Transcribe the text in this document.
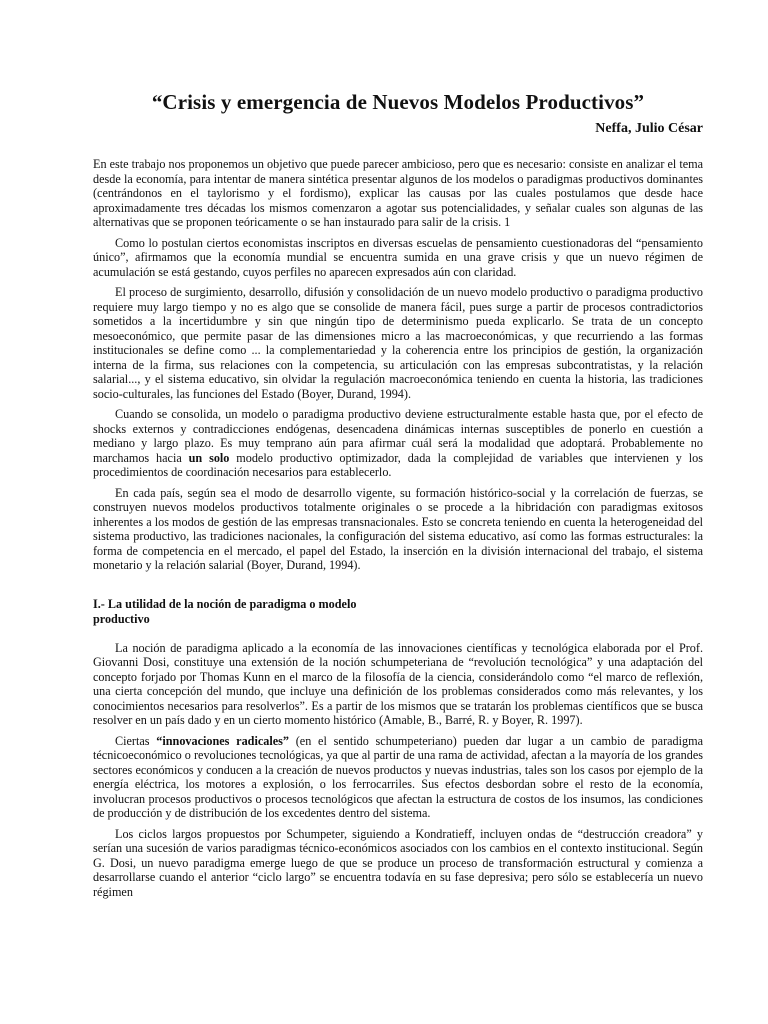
“Crisis y emergencia de Nuevos Modelos Productivos”
Neffa, Julio César

En este trabajo nos proponemos un objetivo que puede parecer ambicioso, pero que es necesario: consiste en analizar el tema desde la economía, para intentar de manera sintética presentar algunos de los modelos o paradigmas productivos dominantes (centrándonos en el taylorismo y el fordismo), explicar las causas por las cuales postulamos que desde hace aproximadamente tres décadas los mismos comenzaron a agotar sus potencialidades, y señalar cuales son algunas de las alternativas que se proponen teóricamente o se han instaurado para salir de la crisis. 1

Como lo postulan ciertos economistas inscriptos en diversas escuelas de pensamiento cuestionadoras del “pensamiento único”, afirmamos que la economía mundial se encuentra sumida en una grave crisis y que un nuevo régimen de acumulación se está gestando, cuyos perfiles no aparecen expresados aún con claridad.

El proceso de surgimiento, desarrollo, difusión y consolidación de un nuevo modelo productivo o paradigma productivo requiere muy largo tiempo y no es algo que se consolide de manera fácil, pues surge a partir de procesos contradictorios sometidos a la incertidumbre y sin que ningún tipo de determinismo pueda explicarlo. Se trata de un concepto mesoeconómico, que permite pasar de las dimensiones micro a las macroeconómicas, y que recurriendo a las formas institucionales se define como ... la complementariedad y la coherencia entre los principios de gestión, la organización interna de la firma, sus relaciones con la competencia, su articulación con las empresas subcontratistas, y la relación salarial..., y el sistema educativo, sin olvidar la regulación macroeconómica teniendo en cuenta la historia, las tradiciones socio-culturales, las funciones del Estado (Boyer, Durand, 1994).

Cuando se consolida, un modelo o paradigma productivo deviene estructuralmente estable hasta que, por el efecto de shocks externos y contradicciones endógenas, desencadena dinámicas internas susceptibles de ponerlo en cuestión a mediano y largo plazo. Es muy temprano aún para afirmar cuál será la modalidad que adoptará. Probablemente no marchamos hacia un solo modelo productivo optimizador, dada la complejidad de variables que intervienen y los procedimientos de coordinación necesarios para establecerlo.

En cada país, según sea el modo de desarrollo vigente, su formación histórico-social y la correlación de fuerzas, se construyen nuevos modelos productivos totalmente originales o se procede a la hibridación con paradigmas exitosos inherentes a los modos de gestión de las empresas transnacionales. Esto se concreta teniendo en cuenta la heterogeneidad del sistema productivo, las tradiciones nacionales, la configuración del sistema educativo, así como las formas estructurales: la forma de competencia en el mercado, el papel del Estado, la inserción en la división internacional del trabajo, el sistema monetario y la relación salarial (Boyer, Durand, 1994).

I.- La utilidad de la noción de paradigma o modelo
productivo

La noción de paradigma aplicado a la economía de las innovaciones científicas y tecnológica elaborada por el Prof. Giovanni Dosi, constituye una extensión de la noción schumpeteriana de “revolución tecnológica” y una adaptación del concepto forjado por Thomas Kunn en el marco de la filosofía de la ciencia, considerándolo como “el marco de reflexión, una cierta concepción del mundo, que incluye una definición de los problemas considerados como más relevantes, y los conocimientos necesarios para resolverlos”. Es a partir de los mismos que se tratarán los problemas científicos que se busca resolver en un país dado y en un cierto momento histórico (Amable, B., Barré, R. y Boyer, R. 1997).

Ciertas “innovaciones radicales” (en el sentido schumpeteriano) pueden dar lugar a un cambio de paradigma técnicoeconómico o revoluciones tecnológicas, ya que al partir de una rama de actividad, afectan a la mayoría de los grandes sectores económicos y conducen a la creación de nuevos productos y nuevas industrias, tales son los casos por ejemplo de la energía eléctrica, los motores a explosión, o los ferrocarriles. Sus efectos desbordan sobre el resto de la economía, involucran procesos productivos o procesos tecnológicos que afectan la estructura de costos de los insumos, las condiciones de producción y de distribución de los excedentes dentro del sistema.

Los ciclos largos propuestos por Schumpeter, siguiendo a Kondratieff, incluyen ondas de “destrucción creadora” y serían una sucesión de varios paradigmas técnico-económicos asociados con los cambios en el contexto institucional. Según G. Dosi, un nuevo paradigma emerge luego de que se produce un proceso de transformación estructural y comienza a desarrollarse cuando el anterior “ciclo largo” se encuentra todavía en su fase depresiva; pero sólo se establecería un nuevo régimen
